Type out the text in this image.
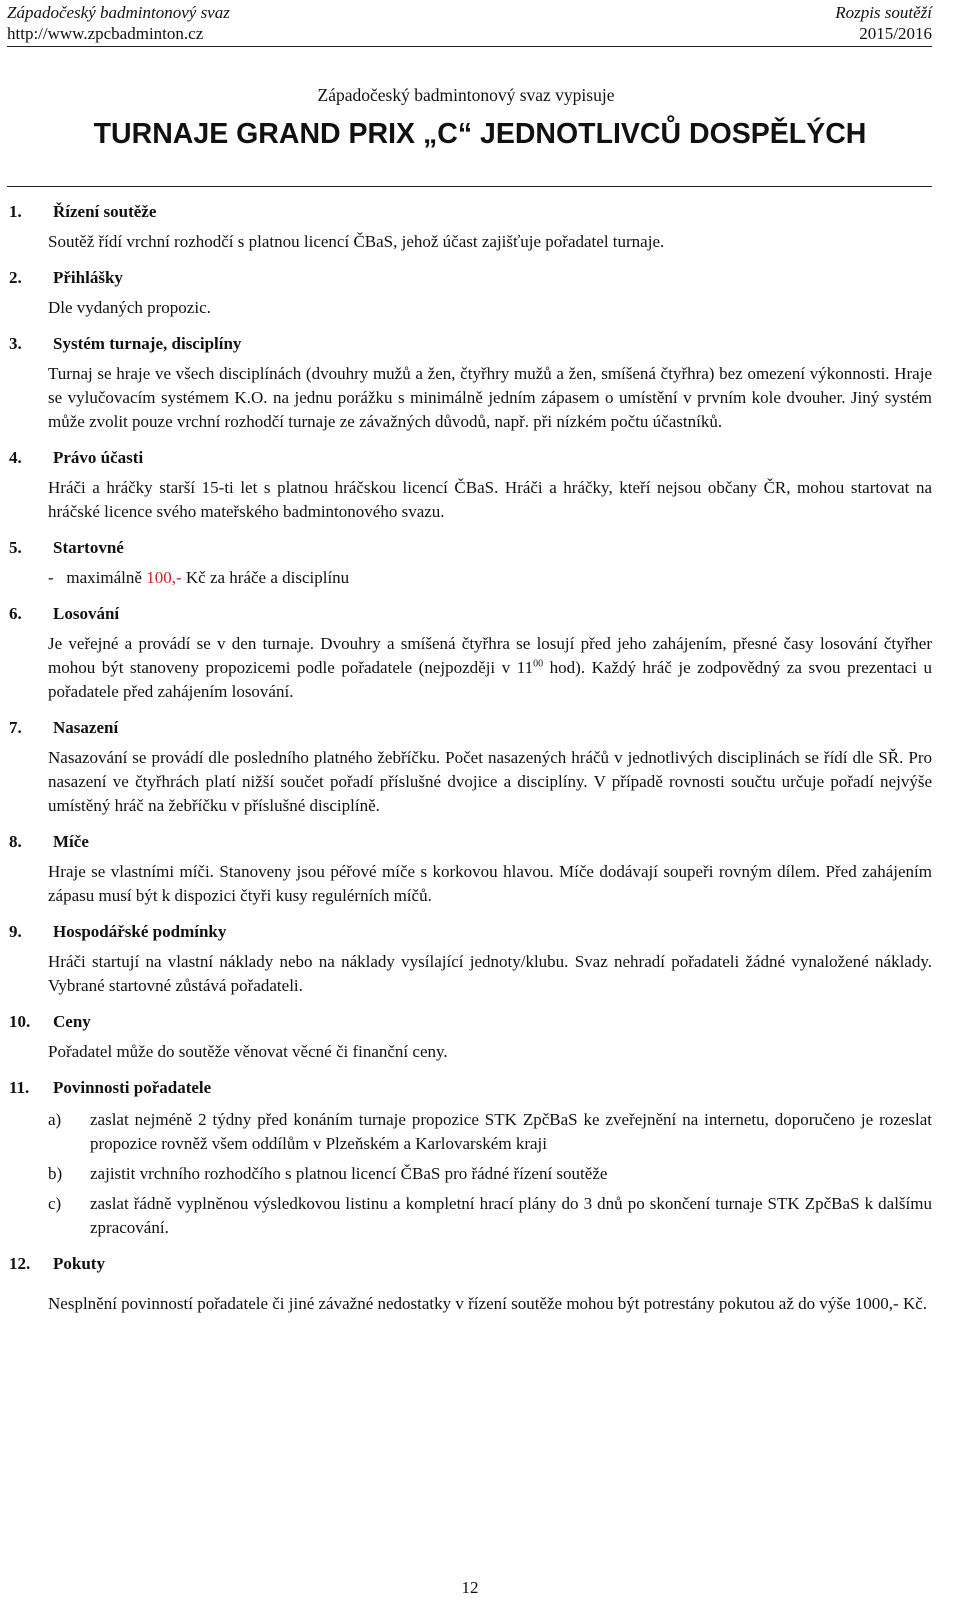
Západočeský badmintonový svaz
http://www.zpcbadminton.cz
Rozpis soutěží
2015/2016
Západočeský badmintonový svaz vypisuje
TURNAJE GRAND PRIX „C“ JEDNOTLIVCŮ DOSPĚLÝCH
1.	Řízení soutěže

Soutěž řídí vrchní rozhodčí s platnou licencí ČBaS, jehož účast zajišťuje pořadatel turnaje.

2.	Přihlášky

Dle vydaných propozic.

3.	Systém turnaje, disciplíny

Turnaj se hraje ve všech disciplínách (dvouhry mužů a žen, čtyřhry mužů a žen, smíšená čtyřhra) bez omezení výkonnosti. Hraje se vylučovacím systémem K.O. na jednu porážku s minimálně jedním zápasem o umístění v prvním kole dvouher. Jiný systém může zvolit pouze vrchní rozhodčí turnaje ze závažných důvodů, např. při nízkém počtu účastníků.

4.	Právo účasti

Hráči a hráčky starší 15-ti let s platnou hráčskou licencí ČBaS. Hráči a hráčky, kteří nejsou občany ČR, mohou startovat na hráčské licence svého mateřského badmintonového svazu.

5.	Startovné

-   maximálně 100,- Kč za hráče a disciplínu

6.	Losování

Je veřejné a provádí se v den turnaje. Dvouhry a smíšená čtyřhra se losují před jeho zahájením, přesné časy losování čtyřher mohou být stanoveny propozicemi podle pořadatele (nejpozději v $11^{00}$ hod). Každý hráč je zodpovědný za svou prezentaci u pořadatele před zahájením losování.

7.	Nasazení

Nasazování se provádí dle posledního platného žebříčku. Počet nasazených hráčů v jednotlivých disciplinách se řídí dle SŘ. Pro nasazení ve čtyřhrách platí nižší součet pořadí příslušné dvojice a disciplíny. V případě rovnosti součtu určuje pořadí nejvýše umístěný hráč na žebříčku v příslušné disciplíně.

8.	Míče

Hraje se vlastními míči. Stanoveny jsou péřové míče s korkovou hlavou. Míče dodávají soupeři rovným dílem. Před zahájením zápasu musí být k dispozici čtyři kusy regulérních míčů.

9.	Hospodářské podmínky

Hráči startují na vlastní náklady nebo na náklady vysílající jednoty/klubu. Svaz nehradí pořadateli žádné vynaložené náklady. Vybrané startovné zůstává pořadateli.

10.	Ceny

Pořadatel může do soutěže věnovat věcné či finanční ceny.

11.	Povinnosti pořadatele
a)	zaslat nejméně 2 týdny před konáním turnaje propozice STK ZpčBaS ke zveřejnění na internetu, doporučeno je rozeslat propozice rovněž všem oddílům v Plzeňském a Karlovarském kraji
b)	zajistit vrchního rozhodčího s platnou licencí ČBaS pro řádné řízení soutěže
c)	zaslat řádně vyplněnou výsledkovou listinu a kompletní hrací plány do 3 dnů po skončení turnaje STK ZpčBaS k dalšímu zpracování.
12.	Pokuty

Nesplnění povinností pořadatele či jiné závažné nedostatky v řízení soutěže mohou být potrestány pokutou až do výše 1000,- Kč.

12
